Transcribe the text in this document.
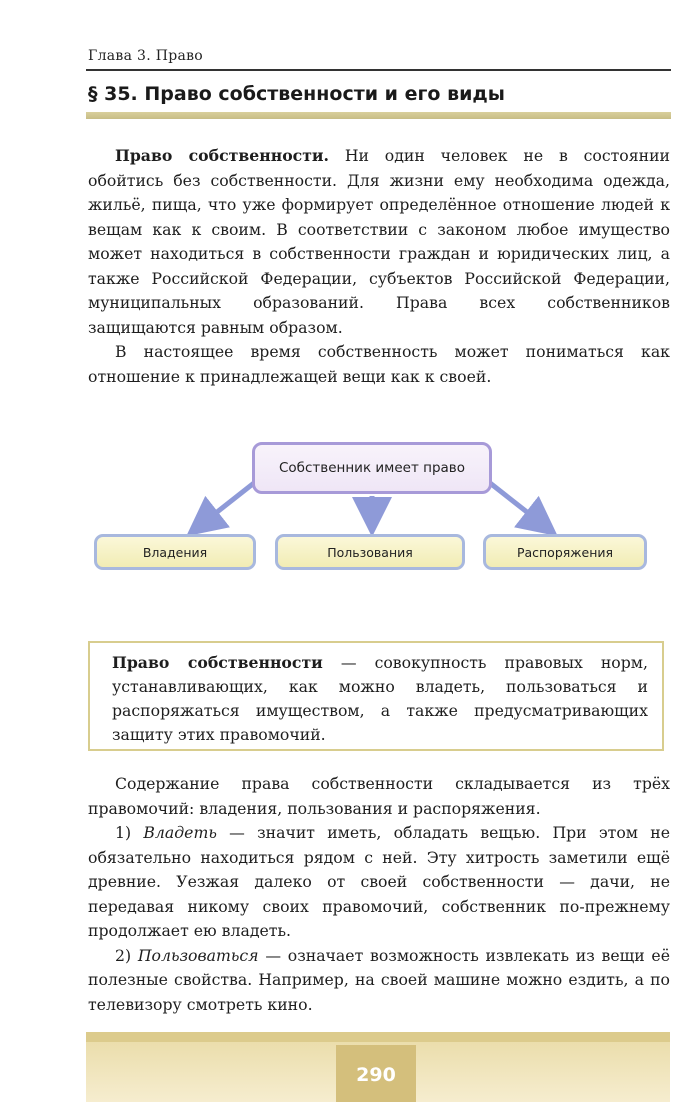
Глава 3. Право
§ 35. Право собственности и его виды

Право собственности. Ни один человек не в состоянии обойтись без собственности. Для жизни ему необходима одежда, жильё, пища, что уже формирует определённое отношение людей к вещам как к своим. В соответствии с законом любое имущество может находиться в собственности граждан и юридических лиц, а также Российской Федерации, субъектов Российской Федерации, муниципальных образований. Права всех собственников защищаются равным образом.

В настоящее время собственность может пониматься как отношение к принадлежащей вещи как к своей.

Собственник имеет право
Владения	Пользования	Распоряжения
Право собственности — совокупность правовых норм, устанавливающих, как можно владеть, пользоваться и распоряжаться имуществом, а также предусматривающих защиту этих правомочий.

Содержание права собственности складывается из трёх правомочий: владения, пользования и распоряжения.

1) Владеть — значит иметь, обладать вещью. При этом не обязательно находиться рядом с ней. Эту хитрость заметили ещё древние. Уезжая далеко от своей собственности — дачи, не передавая никому своих правомочий, собственник по-прежнему продолжает ею владеть.

2) Пользоваться — означает возможность извлекать из вещи её полезные свойства. Например, на своей машине можно ездить, а по телевизору смотреть кино.

290
